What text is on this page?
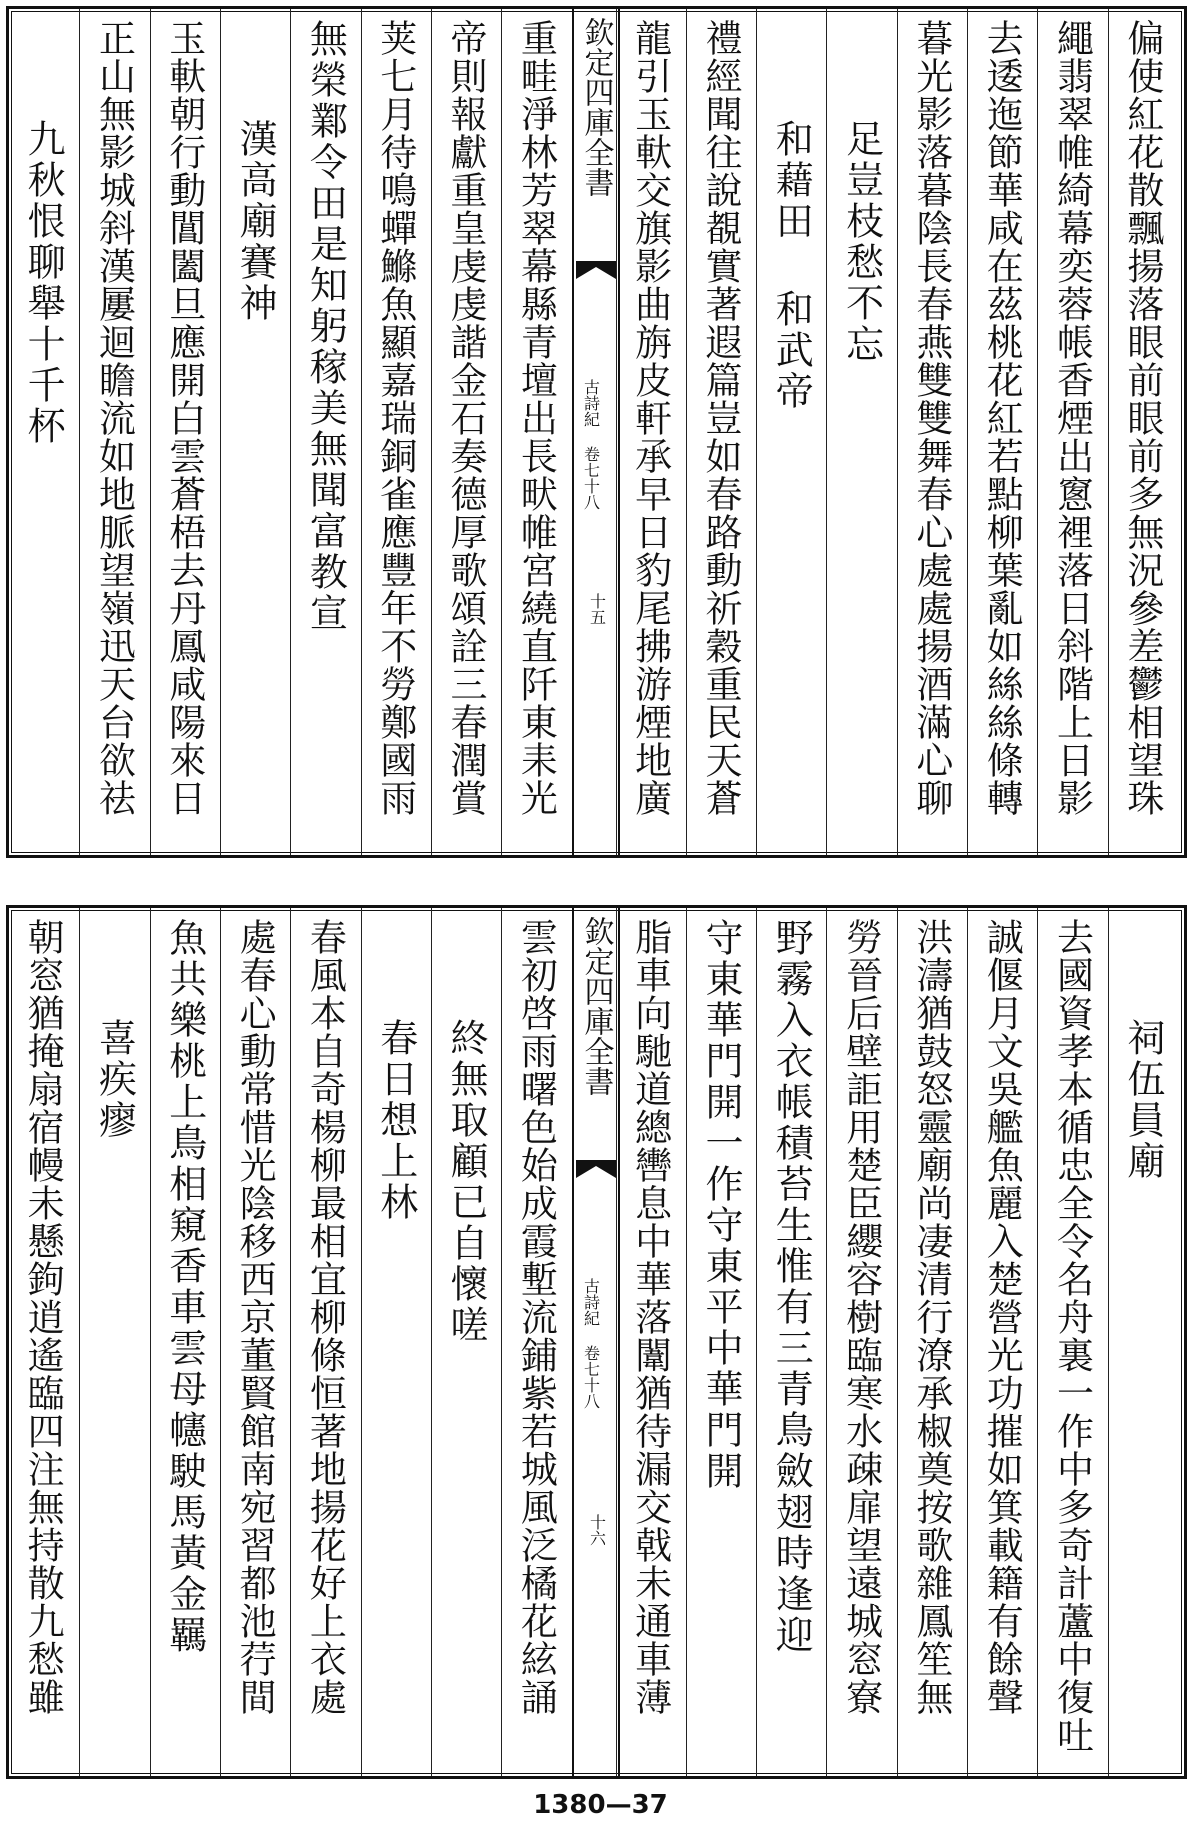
偏使紅花散飄揚落眼前眼前多無況參差鬱相望珠
繩翡翠帷綺幕奕蓉帳香煙出窻裡落日斜階上日影
去逶迤節華咸在茲桃花紅若點柳葉亂如絲絲條轉
暮光影落暮陰長春燕雙雙舞春心處處揚酒滿心聊
足豈枝愁不忘
和藉田 和武帝
禮經聞往說覩實著遐篇豈如春路動祈穀重民天蒼
龍引玉軑交旗影曲旃皮軒承早日豹尾拂游煙地廣
欽定四庫全書
古詩紀 卷七十八
十五
重畦淨林芳翠幕縣青壇出長畎帷宮繞直阡東耒光
帝則報獻重皇虔虔諧金石奏德厚歌頌詮三春潤賞
荚七月待鳴蟬鰷魚顯嘉瑞銅雀應豐年不勞鄭國雨
無榮鄴令田是知躬稼美無聞富教宣
漢高廟賽神
玉軑朝行動閶闔旦應開白雲蒼梧去丹鳳咸陽來日
正山無影城斜漢屢迴瞻流如地脈望嶺迅天台欲祛
九秋恨聊舉十千杯
祠伍員廟
去國資孝本循忠全令名舟裏一作中多奇計蘆中復吐
誠偃月文吳艦魚麗入楚營光功摧如箕載籍有餘聲
洪濤猶鼓怒靈廟尚凄清行潦承椒奠按歌雜鳳笙無
勞晉后壁詎用楚臣纓容樹臨寒水疎扉望遠城窓寮
野霧入衣帳積苔生惟有三青鳥斂翅時逢迎
守東華門開一作守東平中華門開
脂車向馳道總轡息中華落闈猶待漏交戟未通車薄
欽定四庫全書
古詩紀 卷七十八
十六
雲初啓雨曙色始成霞塹流鋪紫若城風泛橘花絃誦
終無取顧已自懷嗟
春日想上林
春風本自奇楊柳最相宜柳條恒著地揚花好上衣處
處春心動常惜光陰移西京董賢館南宛習都池荇間
魚共樂桃上鳥相窺香車雲母幰駛馬黃金羈
喜疾瘳
朝窓猶掩扇宿幔未懸鉤逍遙臨四注無持散九愁雖
1380—37
